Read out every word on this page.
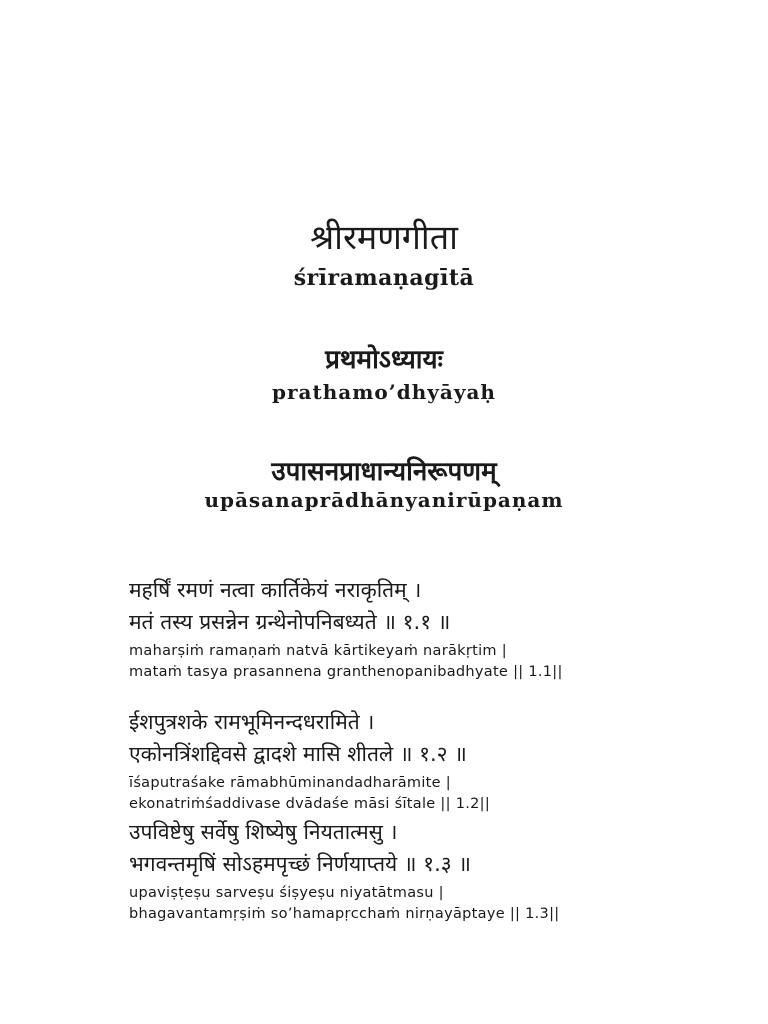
श्रीरमणगीता
śrīramaṇagītā
प्रथमोऽध्यायः
prathamo’dhyāyaḥ
उपासनप्राधान्यनिरूपणम्
upāsanaprādhānyanirūpaṇam
महर्षिं रमणं नत्वा कार्तिकेयं नराकृतिम् ।
मतं तस्य प्रसन्नेन ग्रन्थेनोपनिबध्यते ॥ १.१ ॥
maharṣiṁ ramaṇaṁ natvā kārtikeyaṁ narākṛtim |
mataṁ tasya prasannena granthenopanibadhyate || 1.1||
ईशपुत्रशके रामभूमिनन्दधरामिते ।
एकोनत्रिंशद्दिवसे द्वादशे मासि शीतले ॥ १.२ ॥
īśaputraśake rāmabhūminandadharāmite |
ekonatriṁśaddivase dvādaśe māsi śītale || 1.2||
उपविष्टेषु सर्वेषु शिष्येषु नियतात्मसु ।
भगवन्तमृषिं सोऽहमपृच्छं निर्णयाप्तये ॥ १.३ ॥
upaviṣṭeṣu sarveṣu śiṣyeṣu niyatātmasu |
bhagavantamṛṣiṁ so’hamapṛcchaṁ nirṇayāptaye || 1.3||
